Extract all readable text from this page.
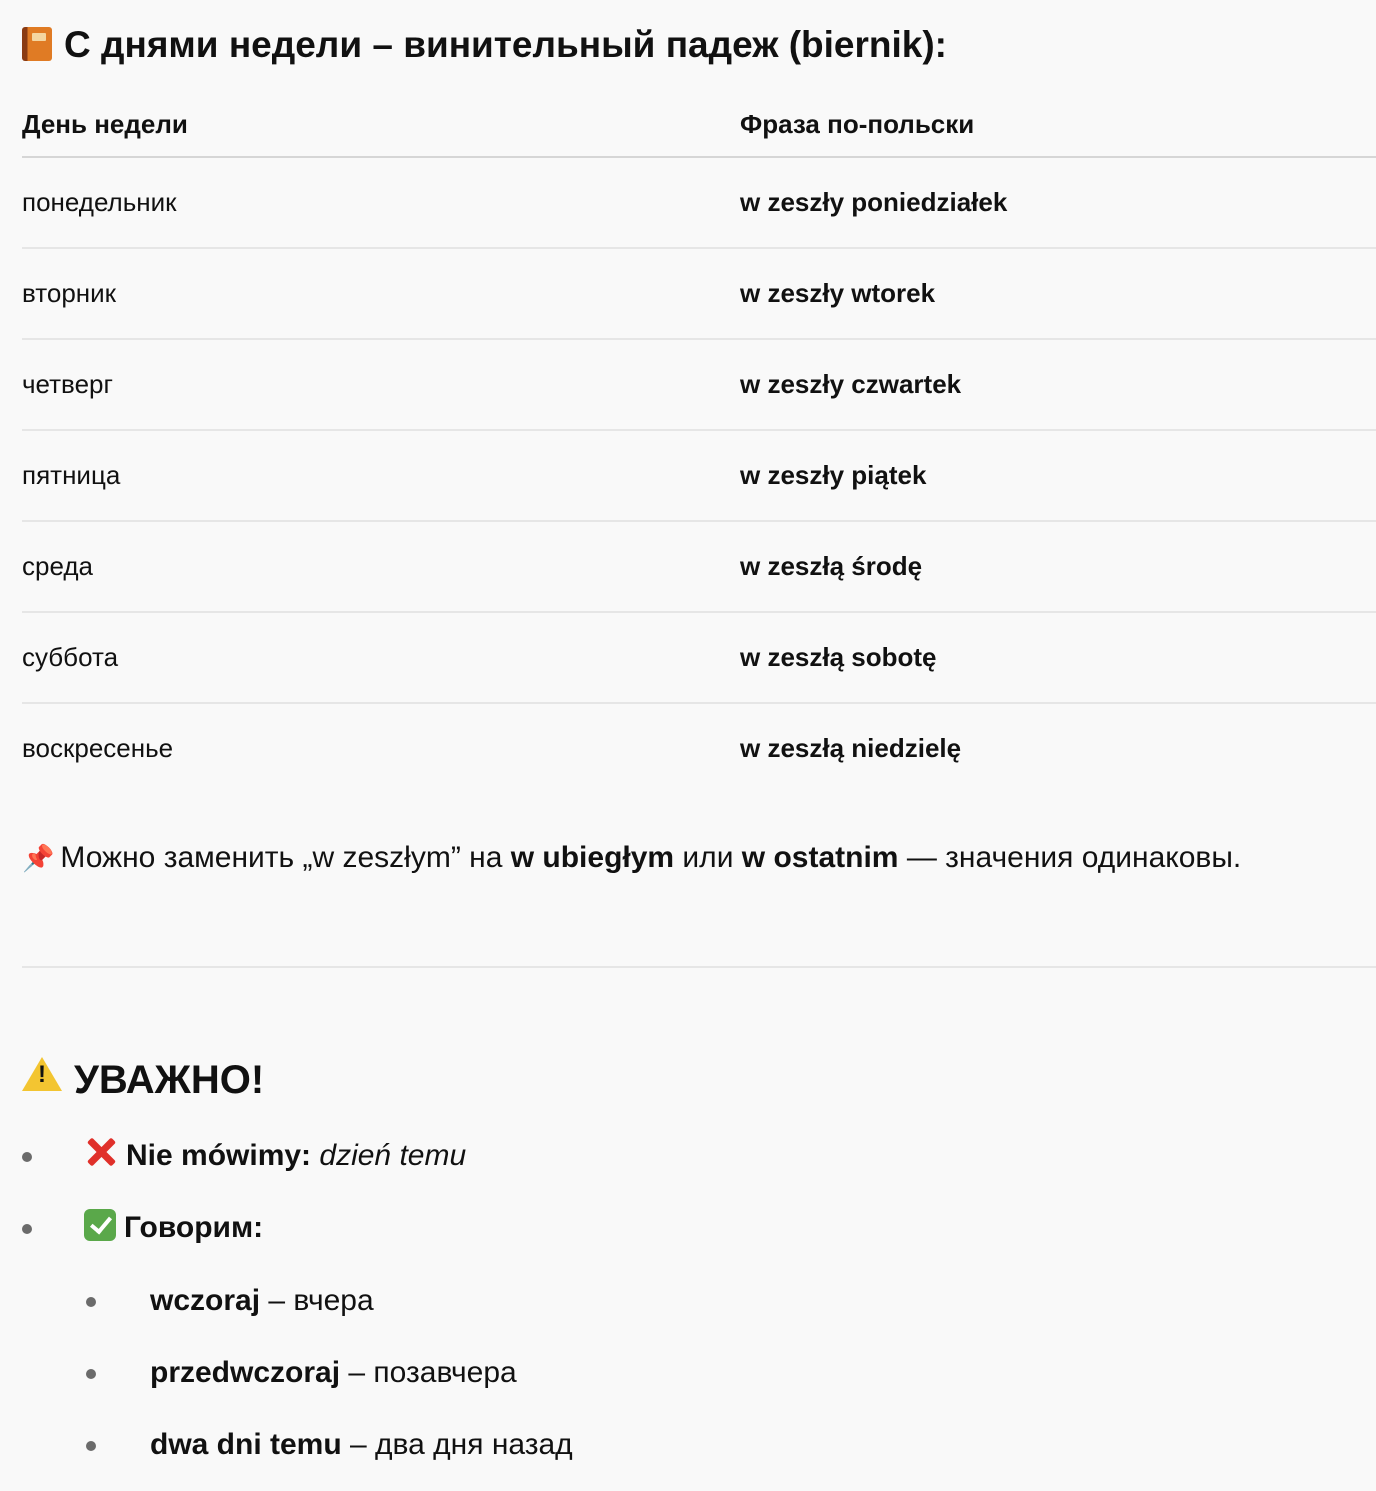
С днями недели – винительный падеж (biernik):
День недели	Фраза по-польски
понедельник	w zeszły poniedziałek
вторник	w zeszły wtorek
четверг	w zeszły czwartek
пятница	w zeszły piątek
среда	w zeszłą środę
суббота	w zeszłą sobotę
воскресенье	w zeszłą niedzielę

📌 Можно заменить „w zeszłym” на w ubiegłym или w ostatnim — значения одинаковы.

!УВАЖНО!
Nie mówimy: dzień temu
Говорим:
wczoraj – вчера
przedwczoraj – позавчера
dwa dni temu – два дня назад
